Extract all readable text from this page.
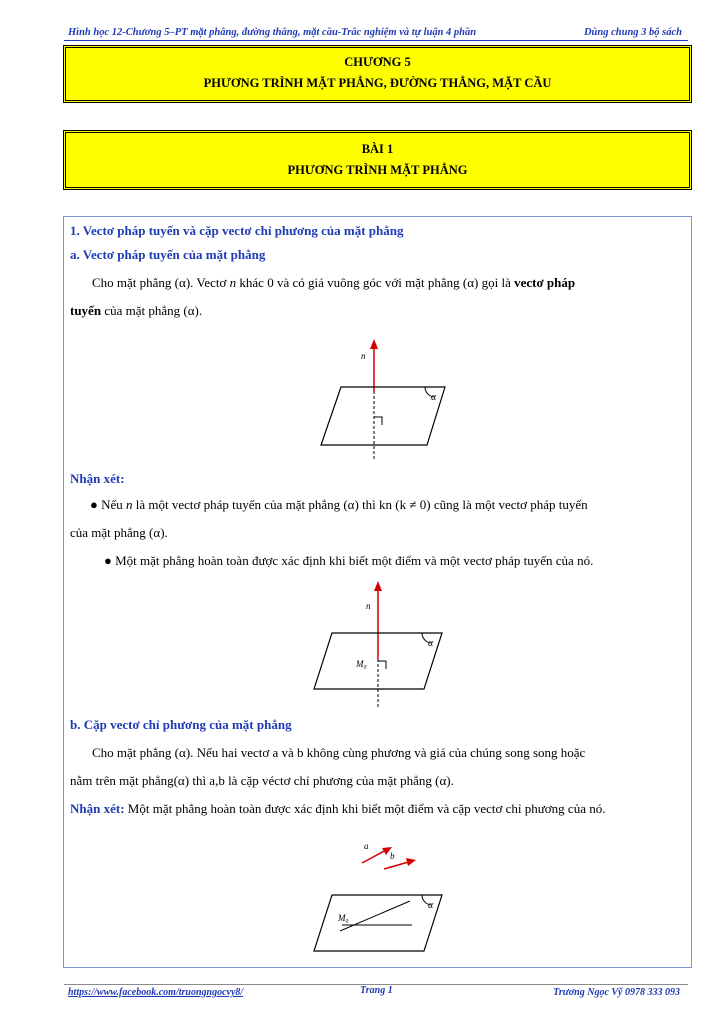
Hình học 12-Chương 5–PT mặt phẳng, đường thẳng, mặt cầu-Trắc nghiệm và tự luận 4 phần	Dùng chung 3 bộ sách
CHƯƠNG 5
PHƯƠNG TRÌNH MẶT PHẲNG, ĐƯỜNG THẲNG, MẶT CẦU
BÀI 1
PHƯƠNG TRÌNH MẶT PHẲNG
1. Vectơ pháp tuyến và cặp vectơ chỉ phương của mặt phẳng
a. Vectơ pháp tuyến của mặt phẳng
Cho mặt phẳng (α). Vectơ n khác 0 và có giá vuông góc với mặt phẳng (α) gọi là vectơ pháp
tuyến của mặt phẳng (α).
n
α
Nhận xét:
● Nếu n là một vectơ pháp tuyến của mặt phẳng (α) thì kn (k ≠ 0) cũng là một vectơ pháp tuyến
của mặt phẳng (α).
● Một mặt phẳng hoàn toàn được xác định khi biết một điểm và một vectơ pháp tuyến của nó.
n
α
M₀
b. Cặp vectơ chỉ phương của mặt phẳng
Cho mặt phẳng (α). Nếu hai vectơ a và b không cùng phương và giá của chúng song song hoặc
nằm trên mặt phẳng(α) thì a,b là cặp véctơ chỉ phương của mặt phẳng (α).
Nhận xét: Một mặt phẳng hoàn toàn được xác định khi biết một điểm và cặp vectơ chỉ phương của nó.
a
b
α
M₀
https://www.facebook.com/truongngocvy8/	Trang 1	Trương Ngọc Vỹ 0978 333 093
